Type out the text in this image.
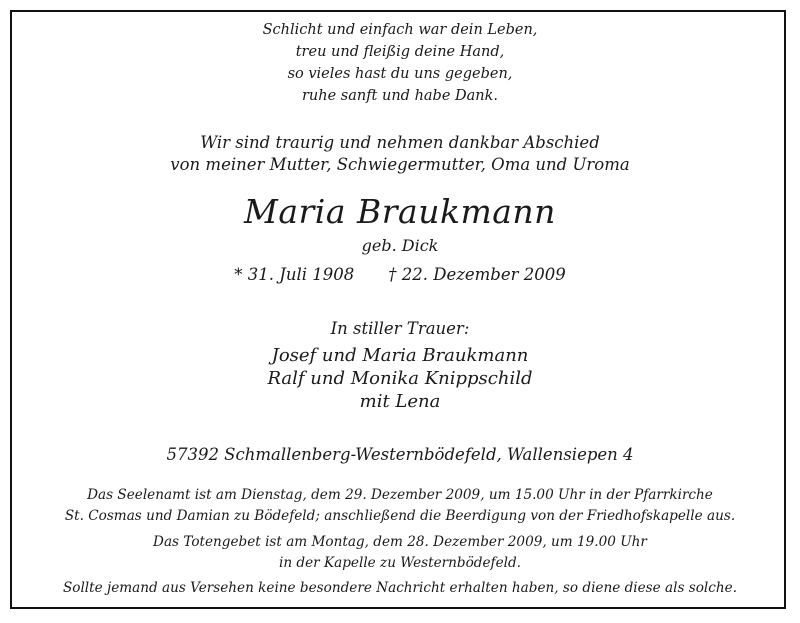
Schlicht und einfach war dein Leben,
treu und fleißig deine Hand,
so vieles hast du uns gegeben,
ruhe sanft und habe Dank.
Wir sind traurig und nehmen dankbar Abschied
von meiner Mutter, Schwiegermutter, Oma und Uroma
Maria Braukmann
geb. Dick
* 31. Juli 1908 † 22. Dezember 2009
In stiller Trauer:
Josef und Maria Braukmann
Ralf und Monika Knippschild
mit Lena
57392 Schmallenberg-Westernbödefeld, Wallensiepen 4
Das Seelenamt ist am Dienstag, dem 29. Dezember 2009, um 15.00 Uhr in der Pfarrkirche
St. Cosmas und Damian zu Bödefeld; anschließend die Beerdigung von der Friedhofskapelle aus.
Das Totengebet ist am Montag, dem 28. Dezember 2009, um 19.00 Uhr
in der Kapelle zu Westernbödefeld.
Sollte jemand aus Versehen keine besondere Nachricht erhalten haben, so diene diese als solche.
